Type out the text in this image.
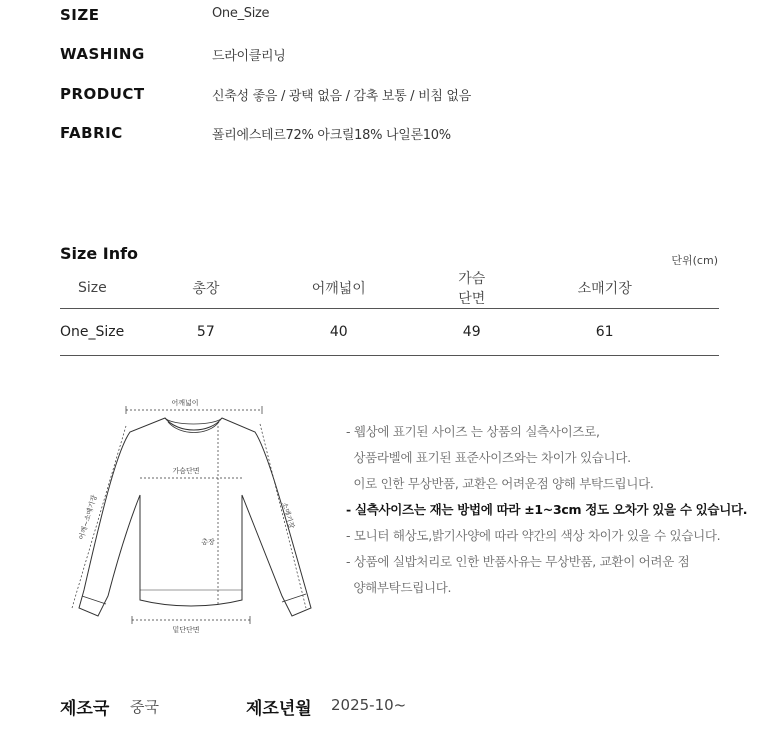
SIZE	One_Size
WASHING	드라이클리닝
PRODUCT	신축성 좋음 / 광택 없음 / 감촉 보통 / 비침 없음
FABRIC	폴리에스테르72% 아크릴18% 나일론10%
Size Info	단위(cm)
Size	총장	어깨넓이	가슴단면	소매기장
One_Size	57	40	49	61
어깨넓이
가슴단면
총장
어깨~소매기장	소매기장
밑단단면
- 웹상에 표기된 사이즈 는 상품의 실측사이즈로,
상품라벨에 표기된 표준사이즈와는 차이가 있습니다.
이로 인한 무상반품, 교환은 어려운점 양해 부탁드립니다.
- 실측사이즈는 재는 방법에 따라 ±1~3cm 정도 오차가 있을 수 있습니다.
- 모니터 해상도,밝기사양에 따라 약간의 색상 차이가 있을 수 있습니다.
- 상품에 실밥처리로 인한 반품사유는 무상반품, 교환이 어려운 점
양해부탁드립니다.
제조국 중국	제조년월 2025-10~
